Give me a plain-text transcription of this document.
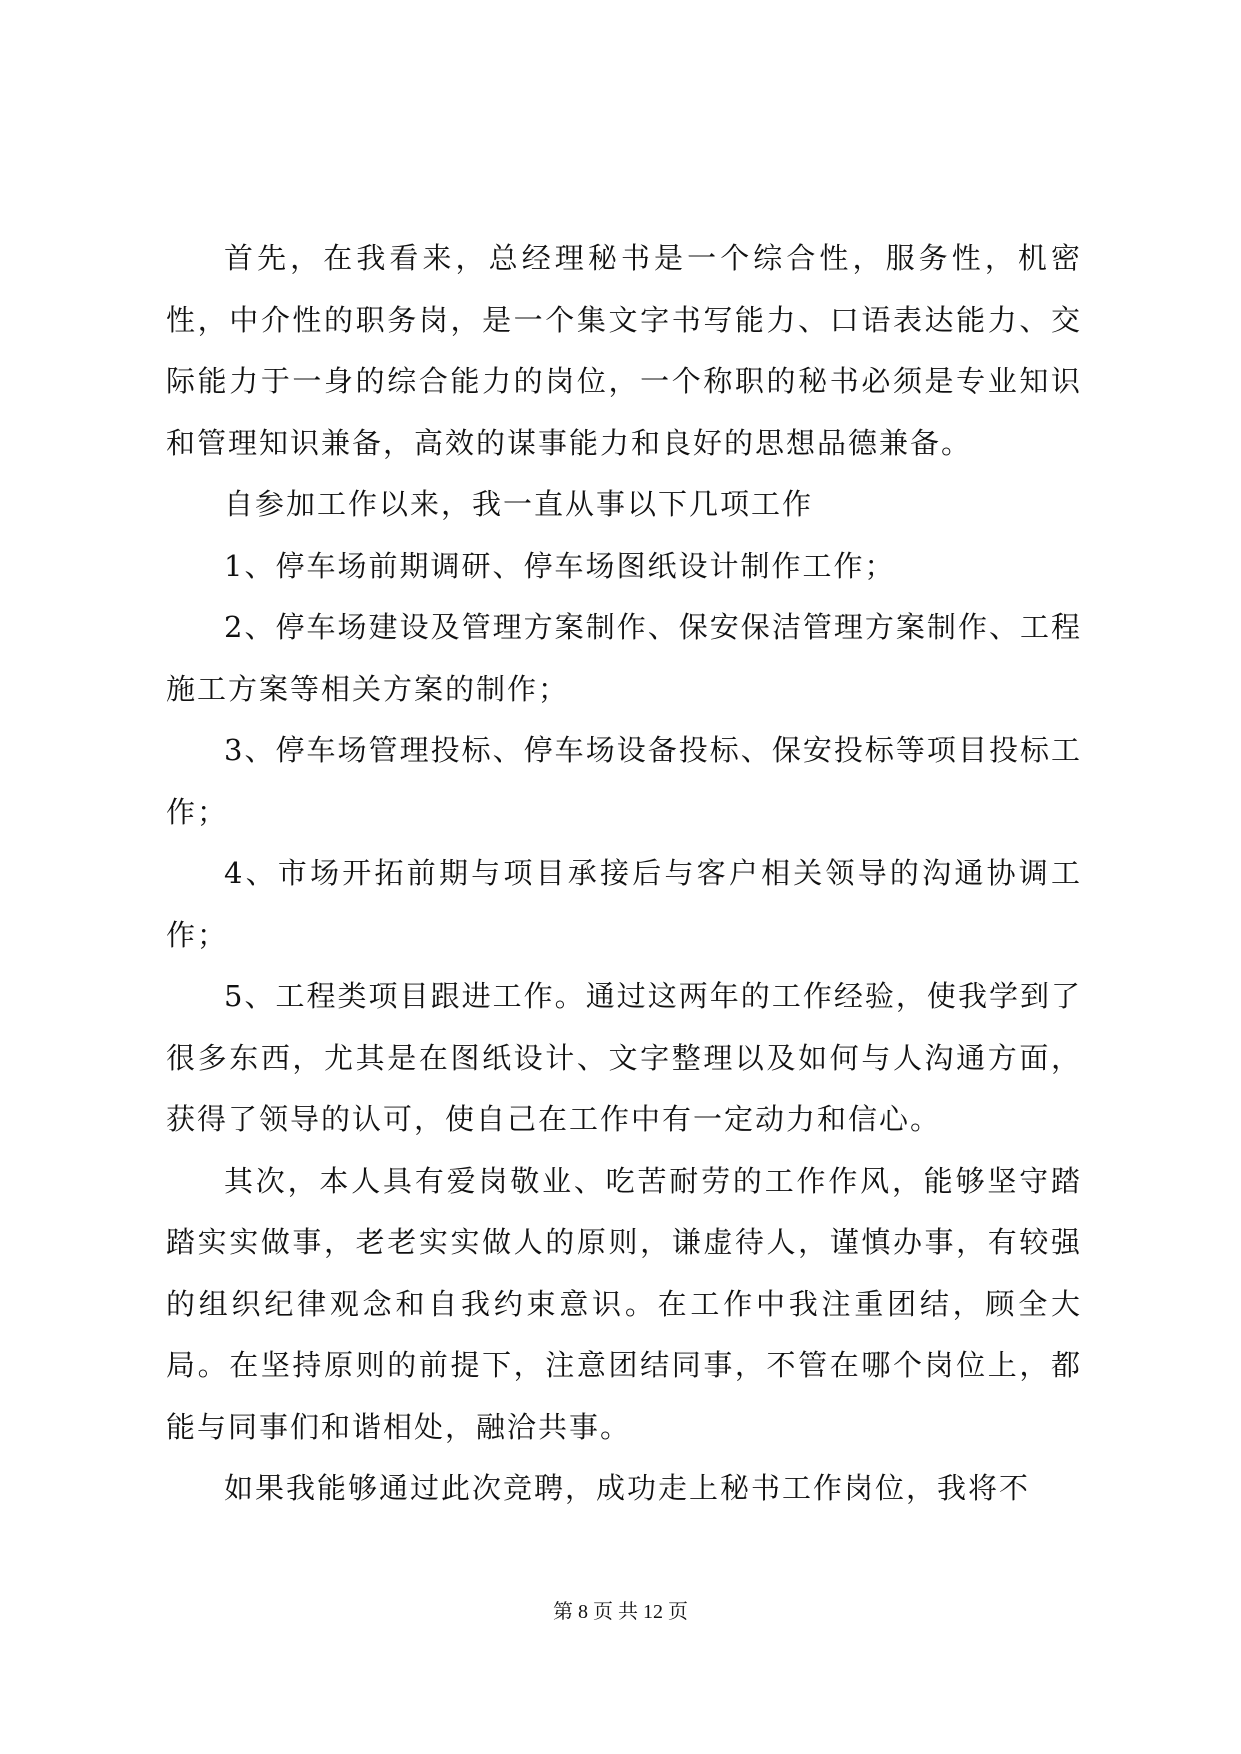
首先，在我看来，总经理秘书是一个综合性，服务性，机密性，中介性的职务岗，是一个集文字书写能力、口语表达能力、交际能力于一身的综合能力的岗位，一个称职的秘书必须是专业知识和管理知识兼备，高效的谋事能力和良好的思想品德兼备。

自参加工作以来，我一直从事以下几项工作

1、停车场前期调研、停车场图纸设计制作工作；

2、停车场建设及管理方案制作、保安保洁管理方案制作、工程施工方案等相关方案的制作；

3、停车场管理投标、停车场设备投标、保安投标等项目投标工作；

4、市场开拓前期与项目承接后与客户相关领导的沟通协调工作；

5、工程类项目跟进工作。通过这两年的工作经验，使我学到了很多东西，尤其是在图纸设计、文字整理以及如何与人沟通方面，获得了领导的认可，使自己在工作中有一定动力和信心。

其次，本人具有爱岗敬业、吃苦耐劳的工作作风，能够坚守踏踏实实做事，老老实实做人的原则，谦虚待人，谨慎办事，有较强的组织纪律观念和自我约束意识。在工作中我注重团结，顾全大局。在坚持原则的前提下，注意团结同事，不管在哪个岗位上，都能与同事们和谐相处，融洽共事。

如果我能够通过此次竞聘，成功走上秘书工作岗位，我将不

第 8 页 共 12 页
